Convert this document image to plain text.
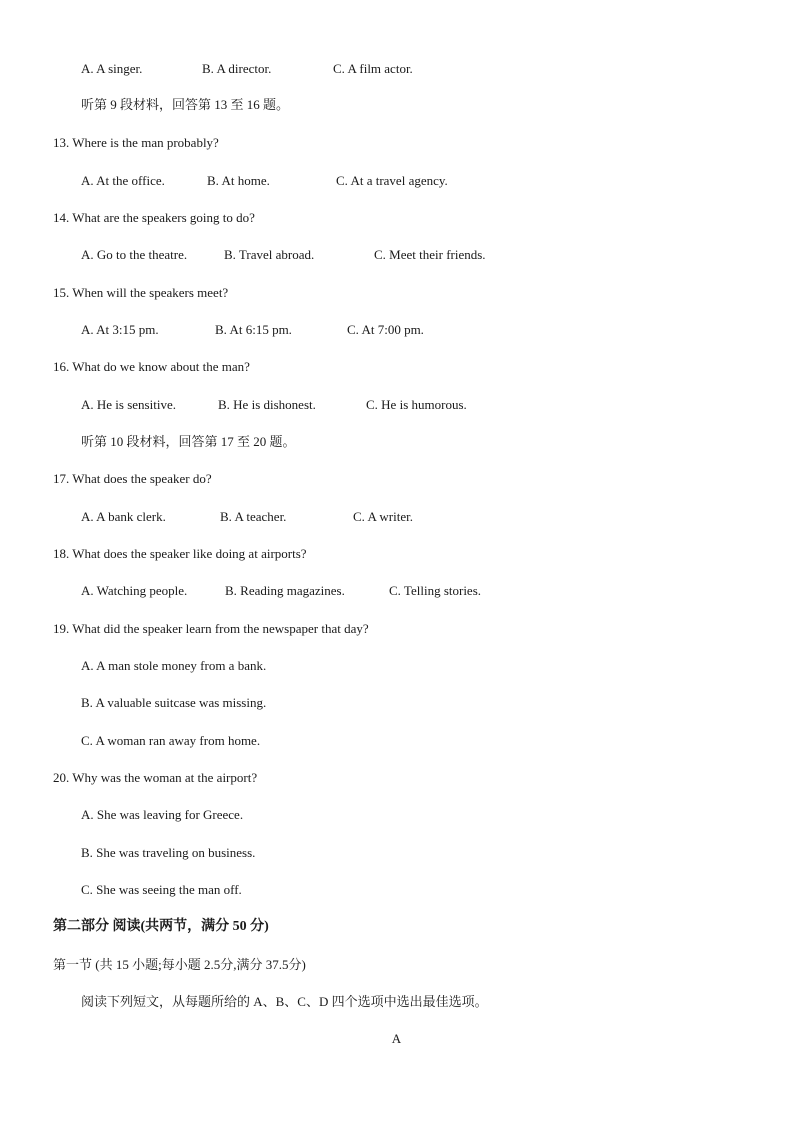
A. A singer.	B. A director.	C. A film actor.
听第 9 段材料，回答第 13 至 16 题。
13. Where is the man probably?
A. At the office.	B. At home.	C. At a travel agency.
14. What are the speakers going to do?
A. Go to the theatre.	B. Travel abroad.	C. Meet their friends.
15. When will the speakers meet?
A. At 3:15 pm.	B. At 6:15 pm.	C. At 7:00 pm.
16. What do we know about the man?
A. He is sensitive.	B. He is dishonest.	C. He is humorous.
听第 10 段材料，回答第 17 至 20 题。
17. What does the speaker do?
A. A bank clerk.	B. A teacher.	C. A writer.
18. What does the speaker like doing at airports?
A. Watching people.	B. Reading magazines.	C. Telling stories.
19. What did the speaker learn from the newspaper that day?
A. A man stole money from a bank.
B. A valuable suitcase was missing.
C. A woman ran away from home.
20. Why was the woman at the airport?
A. She was leaving for Greece.
B. She was traveling on business.
C. She was seeing the man off.
第二部分 阅读(共两节，满分 50 分)
第一节 (共 15 小题;每小题 2.5分,满分 37.5分)
阅读下列短文，从每题所给的 A、B、C、D 四个选项中选出最佳选项。
A
